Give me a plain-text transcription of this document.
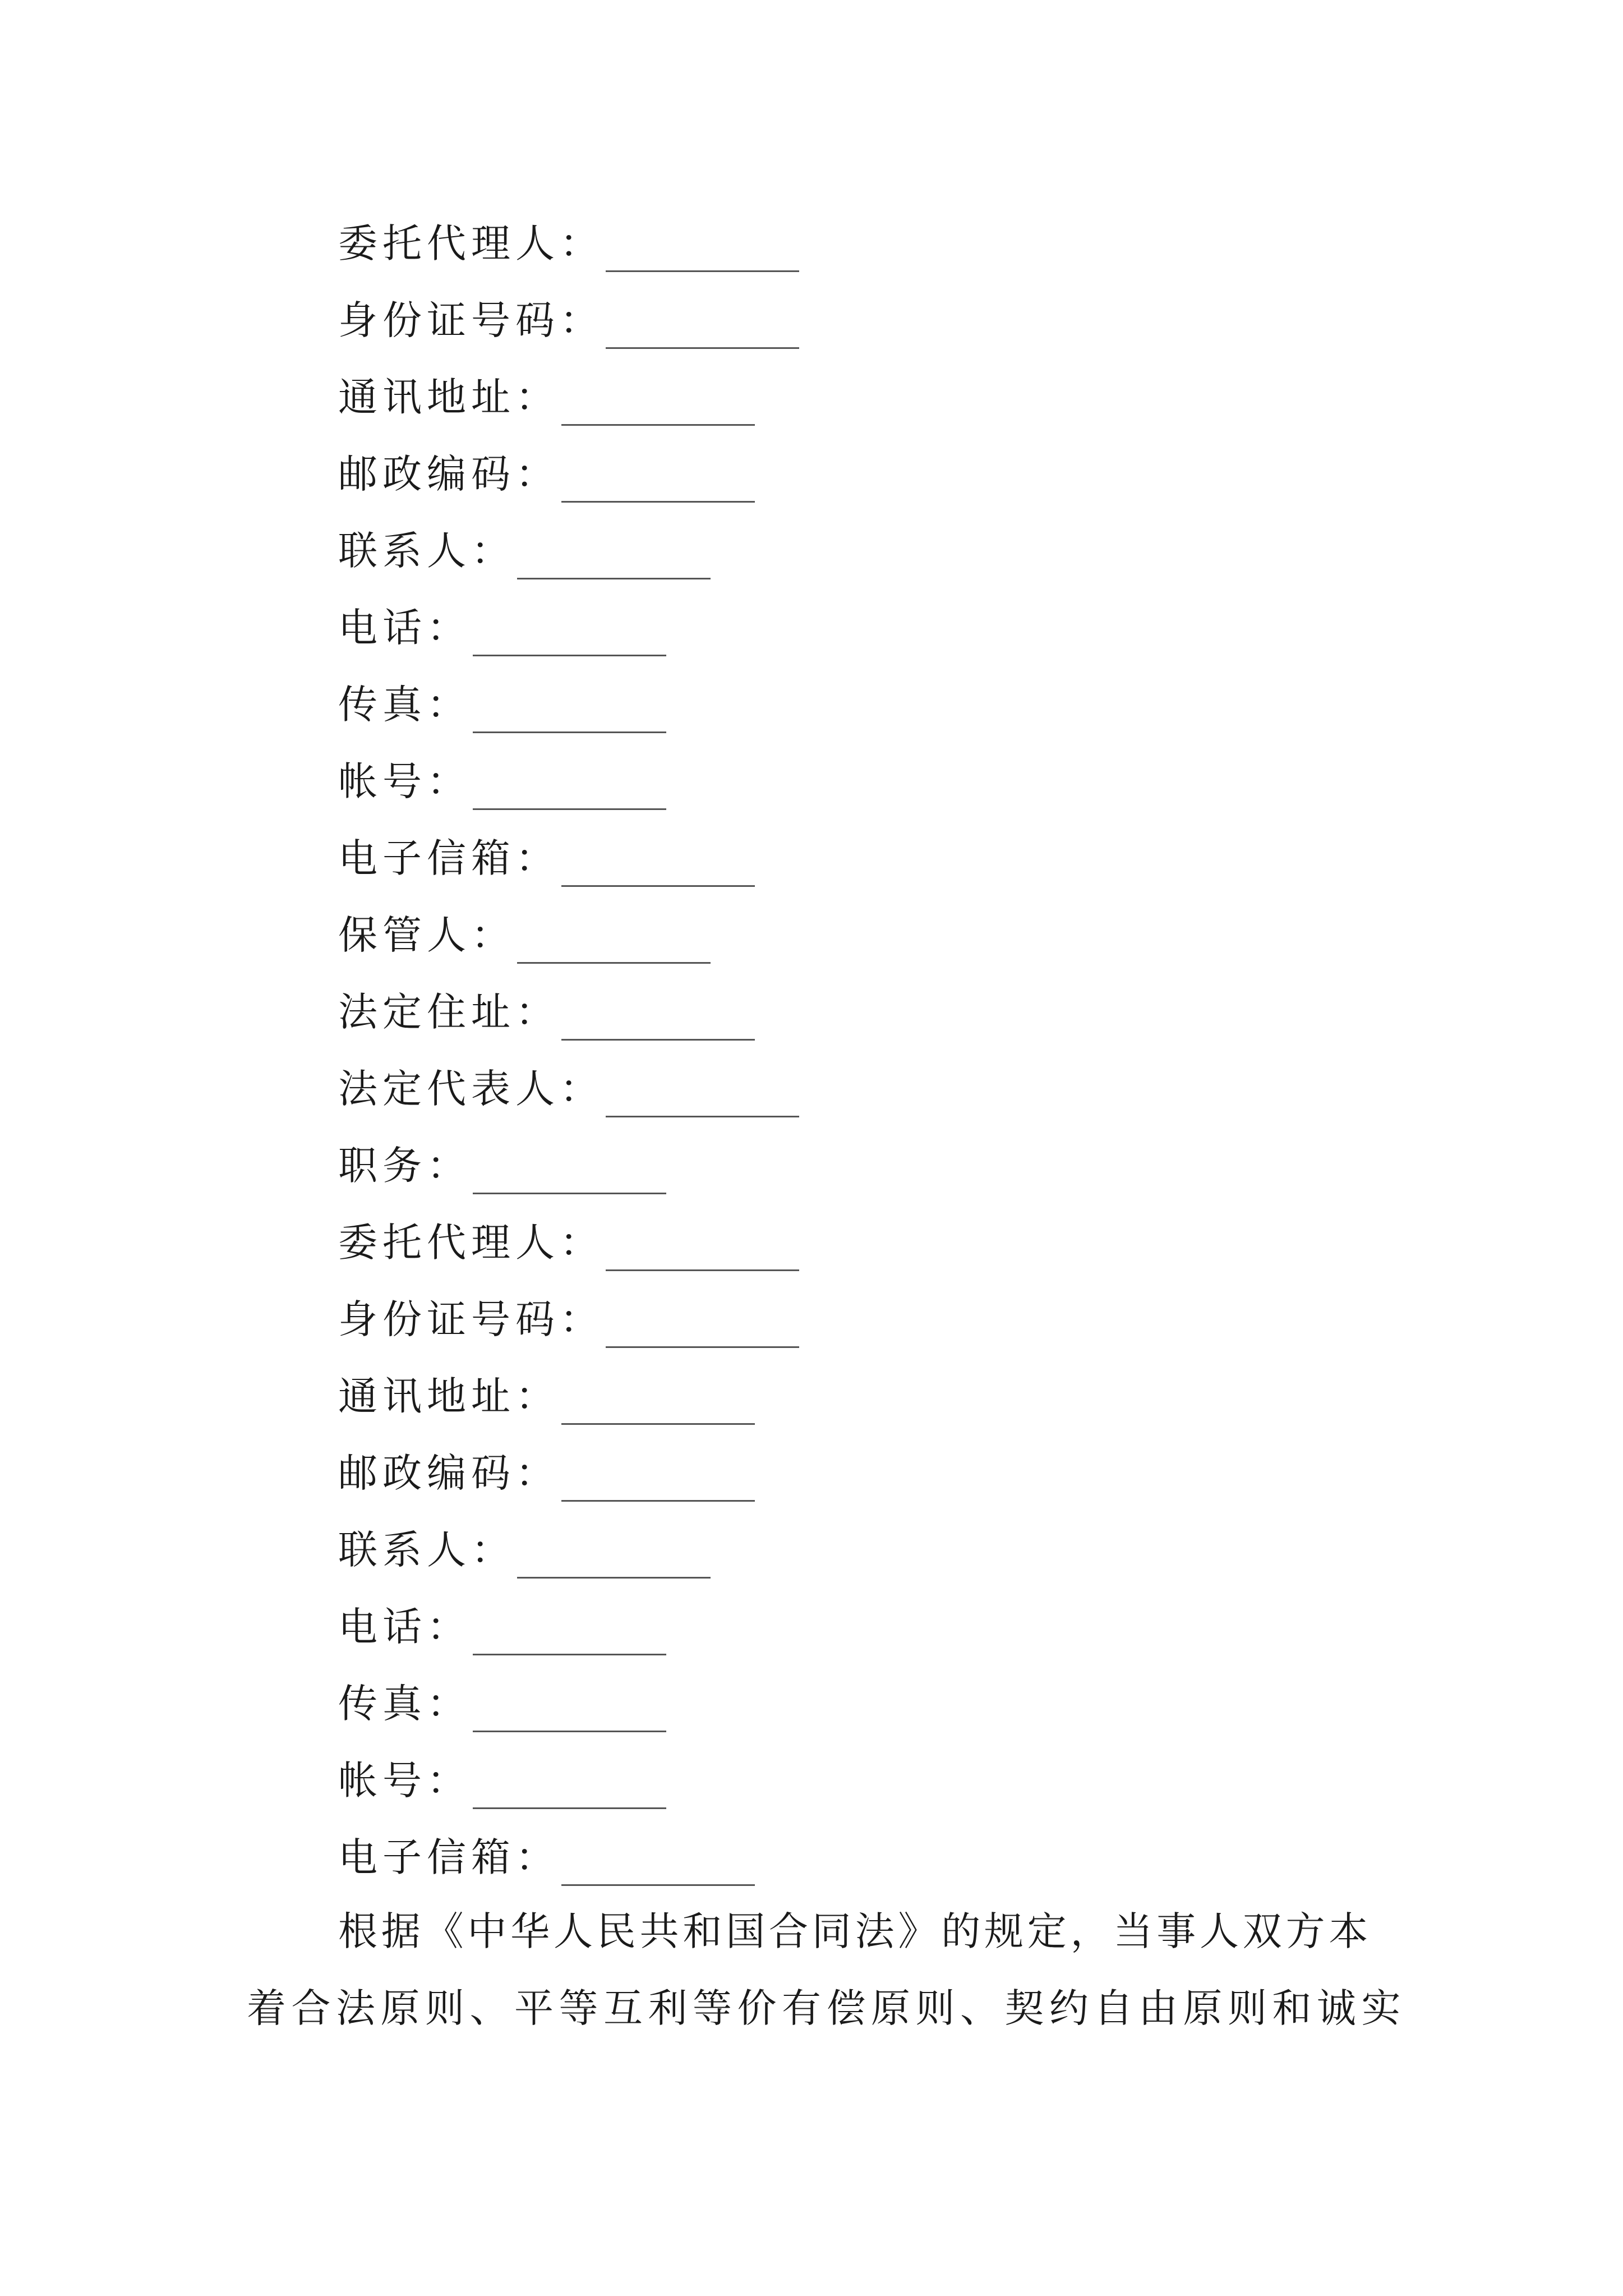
委托代理人 ：
身份证号码 ：
通讯地址 ：
邮政编码 ：
联系人 ：
电话 ：
传真 ：
帐号 ：
电子信箱 ：
保管人 ：
法定住址 ：
法定代表人 ：
职务 ：
委托代理人 ：
身份证号码 ：
通讯地址 ：
邮政编码 ：
联系人 ：
电话 ：
传真 ：
帐号 ：
电子信箱 ：
根据《中华人民共和国合同法》的规定，当事人双方本
着合法原则、平等互利等价有偿原则、契约自由原则和诚实
